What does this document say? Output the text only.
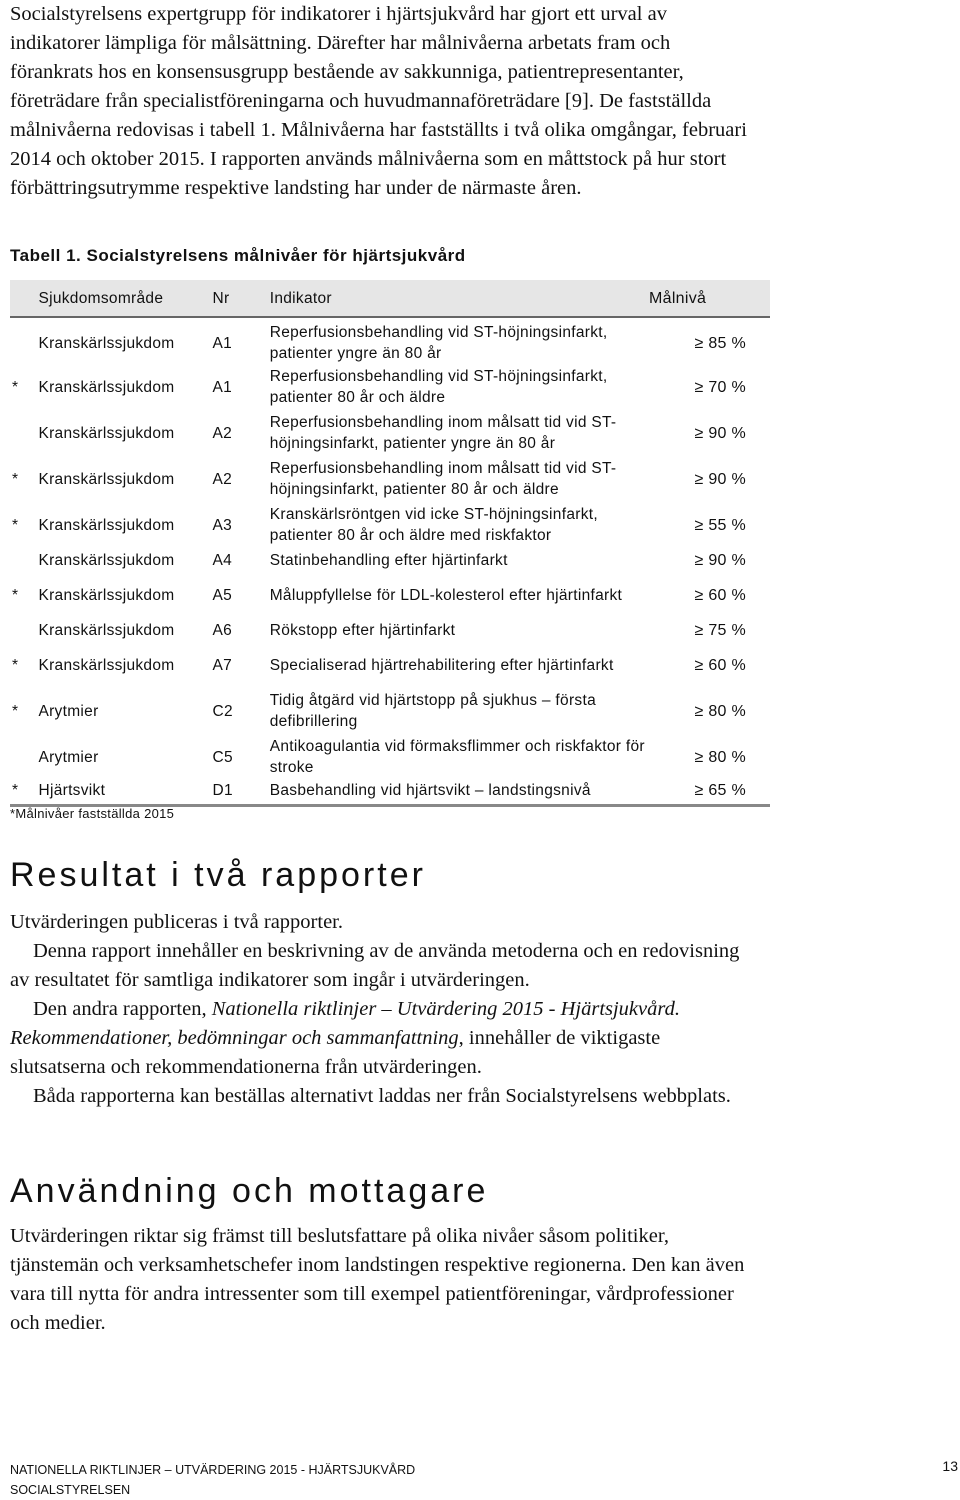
Socialstyrelsens expertgrupp för indikatorer i hjärtsjukvård har gjort ett urval av indikatorer lämpliga för målsättning. Därefter har målnivåerna arbetats fram och förankrats hos en konsensusgrupp bestående av sakkunniga, patientrepresentanter, företrädare från specialistföreningarna och huvudmannaföreträdare [9]. De fastställda målnivåerna redovisas i tabell 1. Målnivåerna har fastställts i två olika omgångar, februari 2014 och oktober 2015. I rapporten används målnivåerna som en måttstock på hur stort förbättringsutrymme respektive landsting har under de närmaste åren.

Tabell 1. Socialstyrelsens målnivåer för hjärtsjukvård
	Sjukdomsområde	Nr	Indikator	Målnivå
	Kranskärlssjukdom	A1	Reperfusionsbehandling vid ST-höjningsinfarkt, patienter yngre än 80 år	≥ 85 %
*	Kranskärlssjukdom	A1	Reperfusionsbehandling vid ST-höjningsinfarkt, patienter 80 år och äldre	≥ 70 %
	Kranskärlssjukdom	A2	Reperfusionsbehandling inom målsatt tid vid ST-höjningsinfarkt, patienter yngre än 80 år	≥ 90 %
*	Kranskärlssjukdom	A2	Reperfusionsbehandling inom målsatt tid vid ST-höjningsinfarkt, patienter 80 år och äldre	≥ 90 %
*	Kranskärlssjukdom	A3	Kranskärlsröntgen vid icke ST-höjningsinfarkt, patienter 80 år och äldre med riskfaktor	≥ 55 %
	Kranskärlssjukdom	A4	Statinbehandling efter hjärtinfarkt	≥ 90 %
*	Kranskärlssjukdom	A5	Måluppfyllelse för LDL-kolesterol efter hjärtinfarkt	≥ 60 %
	Kranskärlssjukdom	A6	Rökstopp efter hjärtinfarkt	≥ 75 %
*	Kranskärlssjukdom	A7	Specialiserad hjärtrehabilitering efter hjärtinfarkt	≥ 60 %
*	Arytmier	C2	Tidig åtgärd vid hjärtstopp på sjukhus – första defibrillering	≥ 80 %
	Arytmier	C5	Antikoagulantia vid förmaksflimmer och riskfaktor för stroke	≥ 80 %
*	Hjärtsvikt	D1	Basbehandling vid hjärtsvikt – landstingsnivå	≥ 65 %
*Målnivåer fastställda 2015
Resultat i två rapporter

Utvärderingen publiceras i två rapporter.

Denna rapport innehåller en beskrivning av de använda metoderna och en redovisning av resultatet för samtliga indikatorer som ingår i utvärderingen.

Den andra rapporten, Nationella riktlinjer – Utvärdering 2015 - Hjärtsjukvård. Rekommendationer, bedömningar och sammanfattning, innehåller de viktigaste slutsatserna och rekommendationerna från utvärderingen.

Båda rapporterna kan beställas alternativt laddas ner från Socialstyrelsens webbplats.

Användning och mottagare

Utvärderingen riktar sig främst till beslutsfattare på olika nivåer såsom politiker, tjänstemän och verksamhetschefer inom landstingen respektive regionerna. Den kan även vara till nytta för andra intressenter som till exempel patientföreningar, vårdprofessioner och medier.

NATIONELLA RIKTLINJER – UTVÄRDERING 2015 - HJÄRTSJUKVÅRD
SOCIALSTYRELSEN
13
